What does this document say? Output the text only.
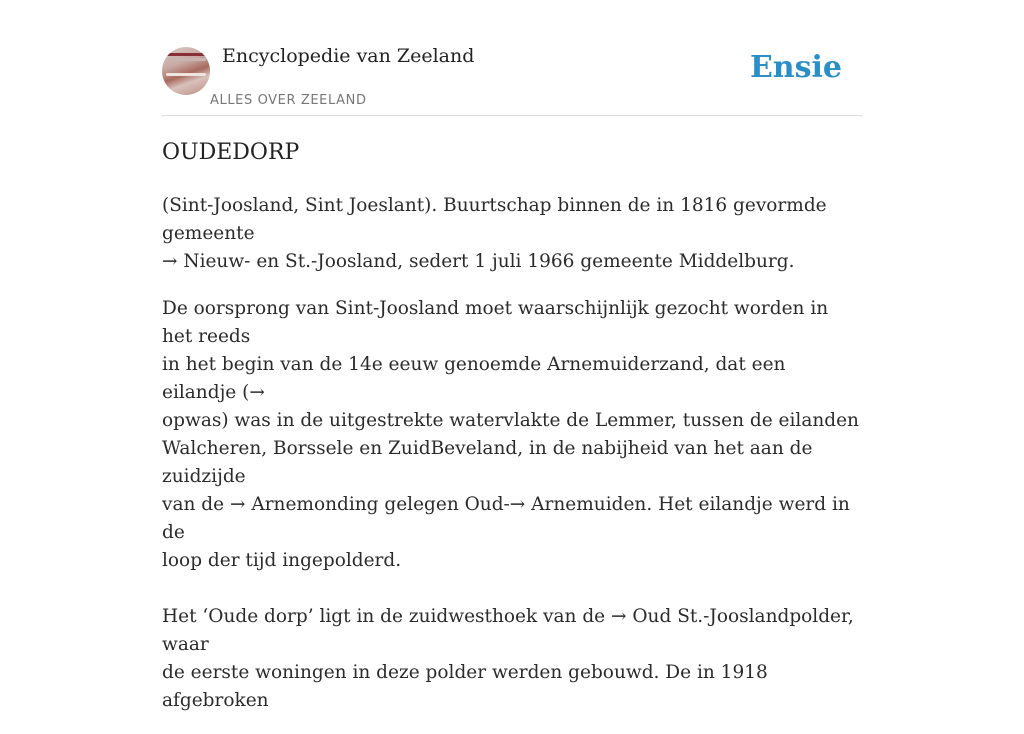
Encyclopedie van Zeeland
ALLES OVER ZEELAND
Ensie
OUDEDORP

(Sint-Joosland, Sint Joeslant). Buurtschap binnen de in 1816 gevormde gemeente
→ Nieuw- en St.-Joosland, sedert 1 juli 1966 gemeente Middelburg.

De oorsprong van Sint-Joosland moet waarschijnlijk gezocht worden in het reeds
in het begin van de 14e eeuw genoemde Arnemuiderzand, dat een eilandje (→
opwas) was in de uitgestrekte watervlakte de Lemmer, tussen de eilanden
Walcheren, Borssele en ZuidBeveland, in de nabijheid van het aan de zuidzijde
van de → Arnemonding gelegen Oud-→ Arnemuiden. Het eilandje werd in de
loop der tijd ingepolderd.

Het ‘Oude dorp’ ligt in de zuidwesthoek van de → Oud St.-Jooslandpolder, waar
de eerste woningen in deze polder werden gebouwd. De in 1918 afgebroken
